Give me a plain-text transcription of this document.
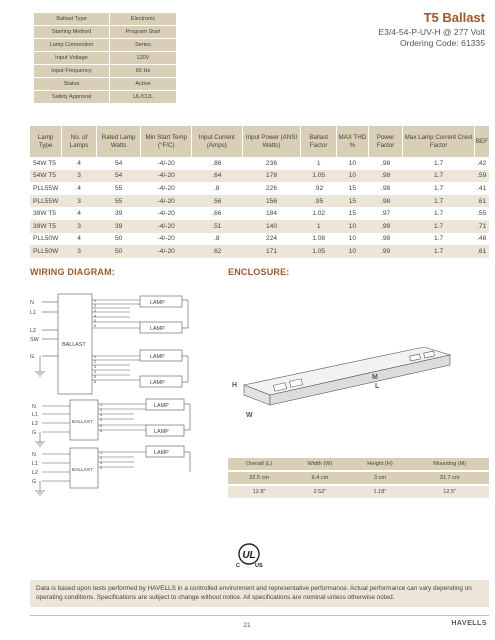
Ballast Type	Electronic
Starting Method	Program Start
Lamp Connection	Series
Input Voltage	120V
Input Frequency	60 Hz
Status	Active
Safety Approval	UL/CUL
T5 Ballast
E3/4-54-P-UV-H @ 277 Volt
Ordering Code: 61335
Lamp Type	No. of Lamps	Rated Lamp Watts	Min Start Temp (°F/C)	Input Current (Amps)	Input Power (ANSI Watts)	Ballast Factor	MAX THD %	Power Factor	Max Lamp Current Crest Factor	BEF
54W T5	4	54	-4/-20	.86	236	1	10	.98	1.7	.42
54W T5	3	54	-4/-20	.64	178	1.05	10	.98	1.7	.59
PLL55W	4	55	-4/-20	.8	226	.92	15	.98	1.7	.41
PLL55W	3	55	-4/-20	.56	156	.95	15	.98	1.7	.61
39W T5	4	39	-4/-20	.66	184	1.02	15	.97	1.7	.55
39W T5	3	39	-4/-20	.51	140	1	10	.99	1.7	.71
PLL50W	4	50	-4/-20	.8	224	1.08	10	.98	1.7	.48
PLL50W	3	50	-4/-20	.62	171	1.05	10	.99	1.7	.61
WIRING DIAGRAM:	ENCLOSURE:
N
L1
L2
SW
G
BALLAST
LAMP
LAMP
LAMP
LAMP
N
L1
L2
G
BALLAST
LAMP
LAMP
N
L1
L2
G
BALLAST
LAMP
1
2
3
4
5
6
1
2
3
4
5
6
1
2
3
4
5
6
1
2
3
4
H
W
M
L
Overall (L)	Width (W)	Height (H)	Mounting (M)
32.5 cm	6.4 cm	3 cm	31.7 cm
12.8"	2.52"	1.18"	12.5"
UL
C	US
Data is based upon tests performed by HAVELLS in a controlled environment and representative performance. Actual performance can vary depending on operating conditions. Specifications are subject to change without notice. All specifications are nominal unless otherwise noted.
21	HAVELLS
